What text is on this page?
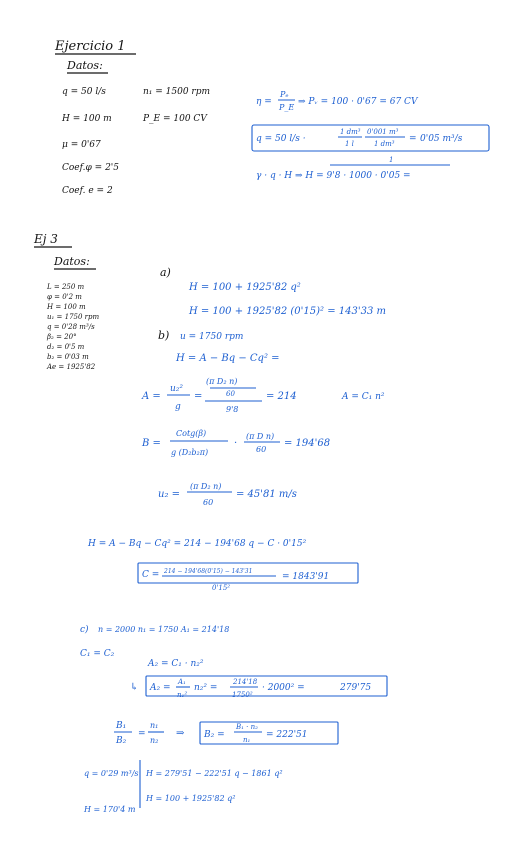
Ejercicio 1
Datos:
q = 50 l/s	n₁ = 1500 rpm
H = 100 m	P_E = 100 CV
μ = 0'67
Coef.φ = 2'5
Coef. e = 2
η =
Pₑ
P_E
⇒ Pᵥ = 100 · 0'67 = 67 CV
q = 50 l/s ·
1 dm³
1 l
0'001 m³
1 dm³ = 0'05 m³/s
1
γ · q · H ⇒ H = 9'8 · 1000 · 0'05 =
Ej 3
Datos:
L = 250 m
φ = 0'2 m
H = 100 m
u₁ = 1750 rpm
q = 0'28 m³/s
β₂ = 20°
d₂ = 0'5 m
b₂ = 0'03 m
Ae = 1925'82
a)
H = 100 + 1925'82 q²
H = 100 + 1925'82 (0'15)² = 143'33 m
b) u = 1750 rpm
H = A − Bq − Cq² =
A =
u₂²
g
=
(π D₂ n)
60
9'8
= 214	A = C₁ n²
B =
Cotg(β)
g (D₂b₂π)
·
(π D n)
60
= 194'68
u₂ =
(π D₂ n)
60
= 45'81 m/s
H = A − Bq − Cq² = 214 − 194'68 q − C · 0'15²
C = 214 − 194'68(0'15) − 143'31
0'15²
= 1843'91
c) n = 2000 n₁ = 1750 A₁ = 214'18
C₁ = C₂
A₂ = C₁ · n₂²
↳ A₂ =
A₁
n₁²
n₂² =
214'18
1750²
· 2000² =	279'75
B₁
B₂
=
n₁
n₂
⇒ B₂ =
B₁ · n₂
n₁ = 222'51
H = 279'51 − 222'51 q − 1861 q²
H = 100 + 1925'82 q²
q = 0'29 m³/s
H = 170'4 m
